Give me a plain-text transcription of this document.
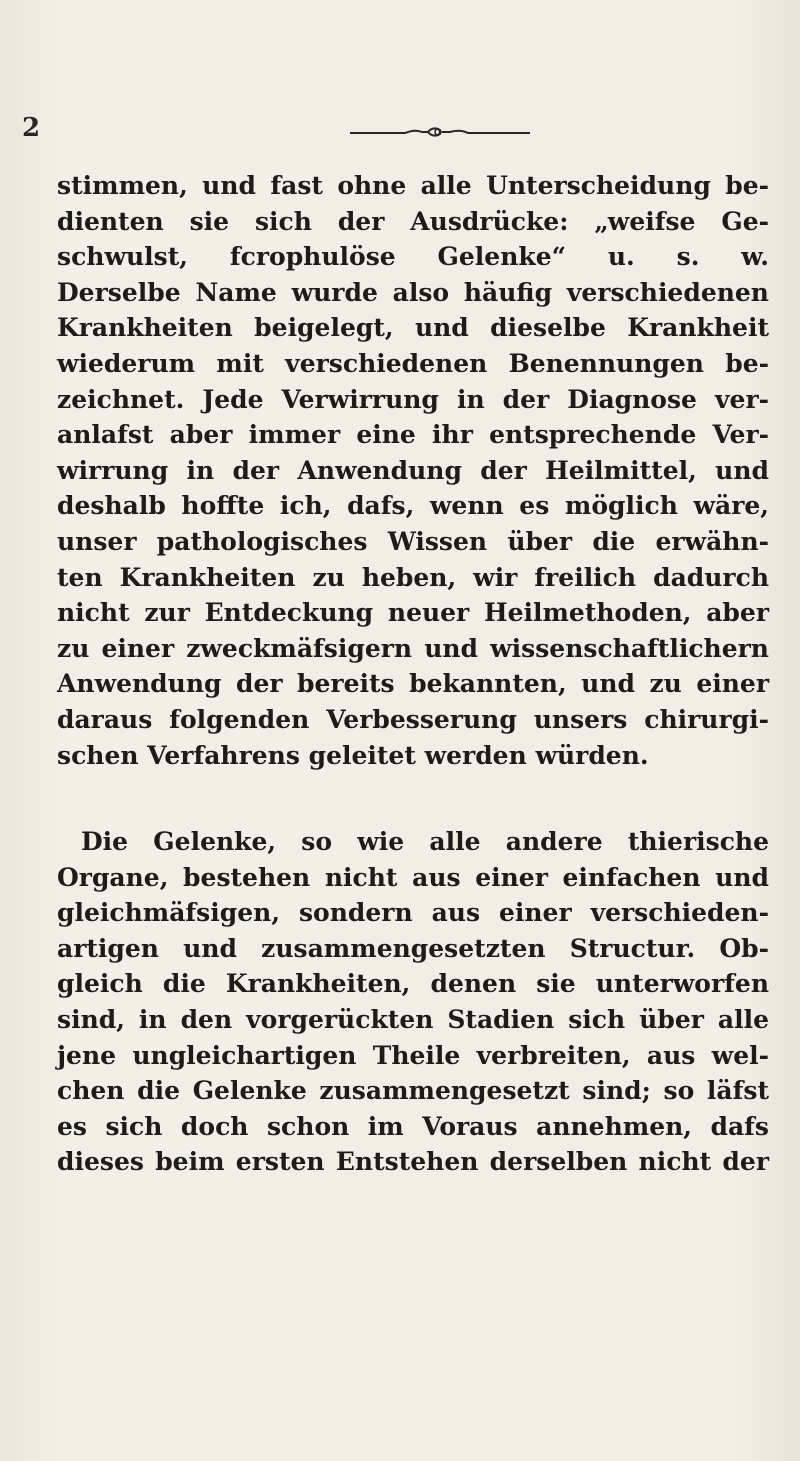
2
stimmen, und fast ohne alle Unterscheidung be-
dienten sie sich der Ausdrücke: „weifse Ge-
schwulst, fcrophulöse Gelenke“ u. s. w.
Derselbe Name wurde also häufig verschiedenen
Krankheiten beigelegt, und dieselbe Krankheit
wiederum mit verschiedenen Benennungen be-
zeichnet. Jede Verwirrung in der Diagnose ver-
anlafst aber immer eine ihr entsprechende Ver-
wirrung in der Anwendung der Heilmittel, und
deshalb hoffte ich, dafs, wenn es möglich wäre,
unser pathologisches Wissen über die erwähn-
ten Krankheiten zu heben, wir freilich dadurch
nicht zur Entdeckung neuer Heilmethoden, aber
zu einer zweckmäfsigern und wissenschaftlichern
Anwendung der bereits bekannten, und zu einer
daraus folgenden Verbesserung unsers chirurgi-
schen Verfahrens geleitet werden würden.
Die Gelenke, so wie alle andere thierische
Organe, bestehen nicht aus einer einfachen und
gleichmäfsigen, sondern aus einer verschieden-
artigen und zusammengesetzten Structur. Ob-
gleich die Krankheiten, denen sie unterworfen
sind, in den vorgerückten Stadien sich über alle
jene ungleichartigen Theile verbreiten, aus wel-
chen die Gelenke zusammengesetzt sind; so läfst
es sich doch schon im Voraus annehmen, dafs
dieses beim ersten Entstehen derselben nicht der
